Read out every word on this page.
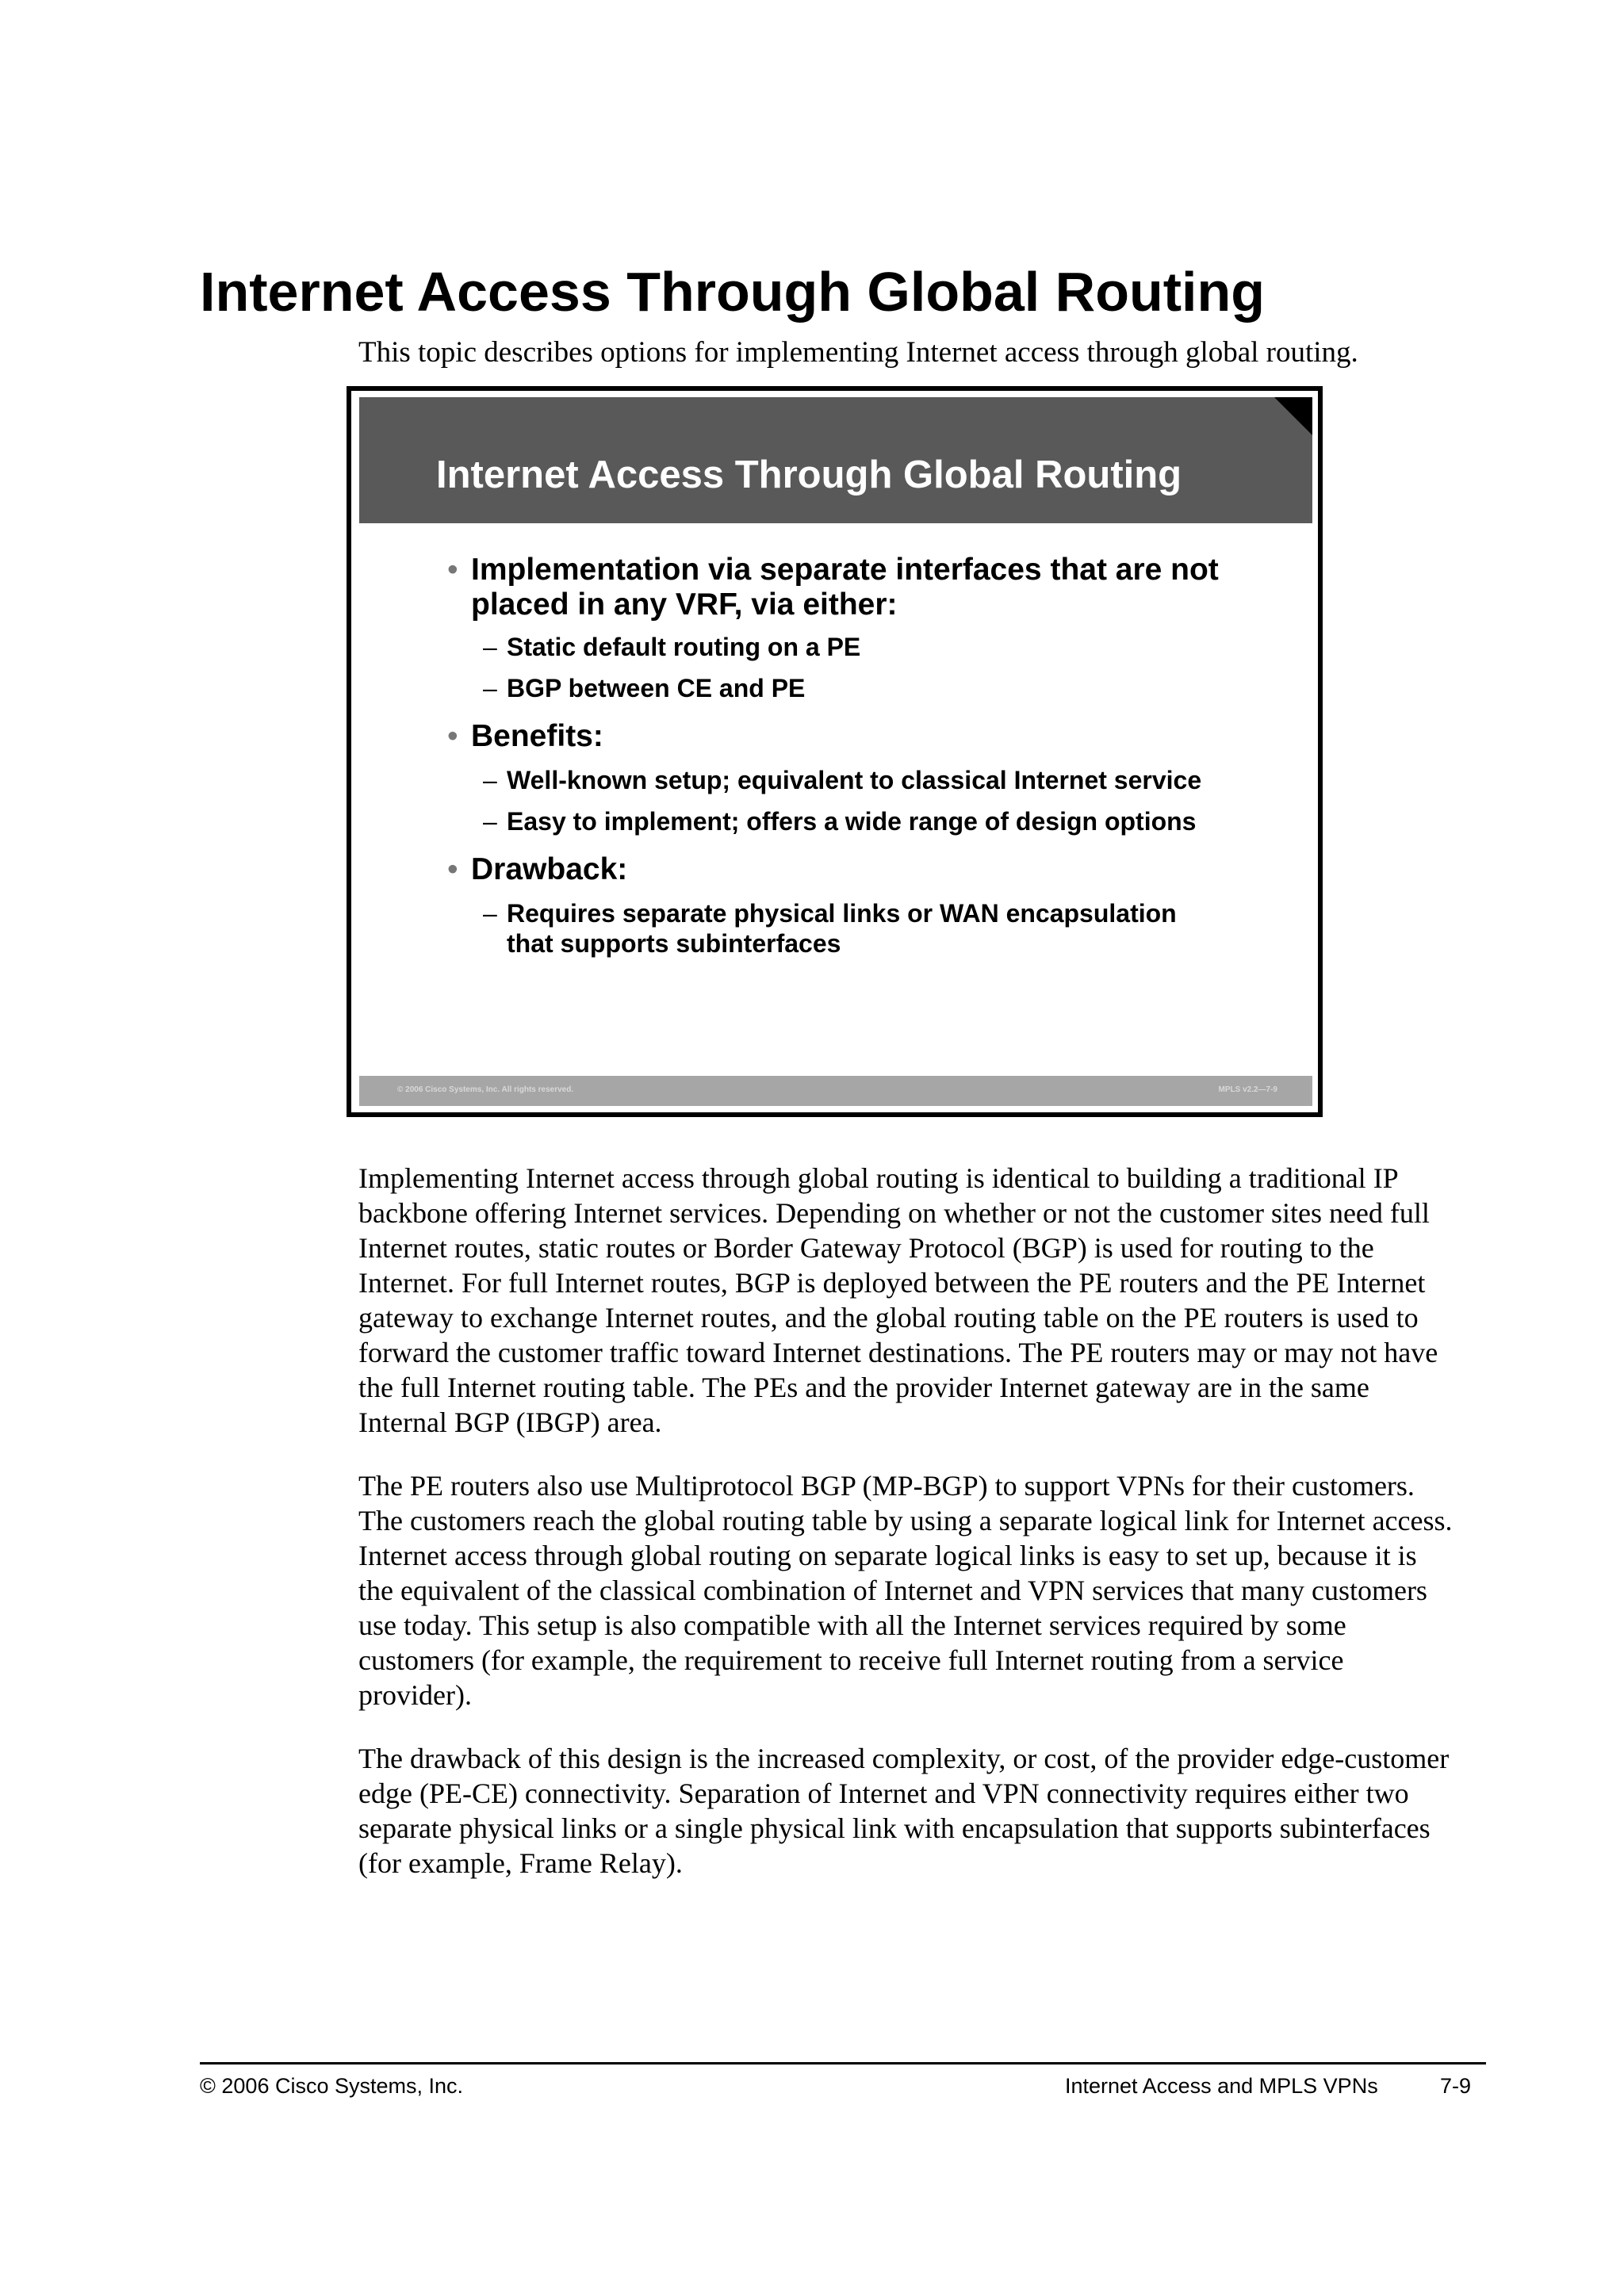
Internet Access Through Global Routing

This topic describes options for implementing Internet access through global routing.

Internet Access Through Global Routing
• Implementation via separate interfaces that are not
placed in any VRF, via either:
– Static default routing on a PE
– BGP between CE and PE
• Benefits:
– Well-known setup; equivalent to classical Internet service
– Easy to implement; offers a wide range of design options
• Drawback:
– Requires separate physical links or WAN encapsulation
that supports subinterfaces
© 2006 Cisco Systems, Inc. All rights reserved.	MPLS v2.2—7-9
Implementing Internet access through global routing is identical to building a traditional IP
backbone offering Internet services. Depending on whether or not the customer sites need full
Internet routes, static routes or Border Gateway Protocol (BGP) is used for routing to the
Internet. For full Internet routes, BGP is deployed between the PE routers and the PE Internet
gateway to exchange Internet routes, and the global routing table on the PE routers is used to
forward the customer traffic toward Internet destinations. The PE routers may or may not have
the full Internet routing table. The PEs and the provider Internet gateway are in the same
Internal BGP (IBGP) area.
The PE routers also use Multiprotocol BGP (MP-BGP) to support VPNs for their customers.
The customers reach the global routing table by using a separate logical link for Internet access.
Internet access through global routing on separate logical links is easy to set up, because it is
the equivalent of the classical combination of Internet and VPN services that many customers
use today. This setup is also compatible with all the Internet services required by some
customers (for example, the requirement to receive full Internet routing from a service
provider).
The drawback of this design is the increased complexity, or cost, of the provider edge-customer
edge (PE-CE) connectivity. Separation of Internet and VPN connectivity requires either two
separate physical links or a single physical link with encapsulation that supports subinterfaces
(for example, Frame Relay).
© 2006 Cisco Systems, Inc.	Internet Access and MPLS VPNs	7-9
